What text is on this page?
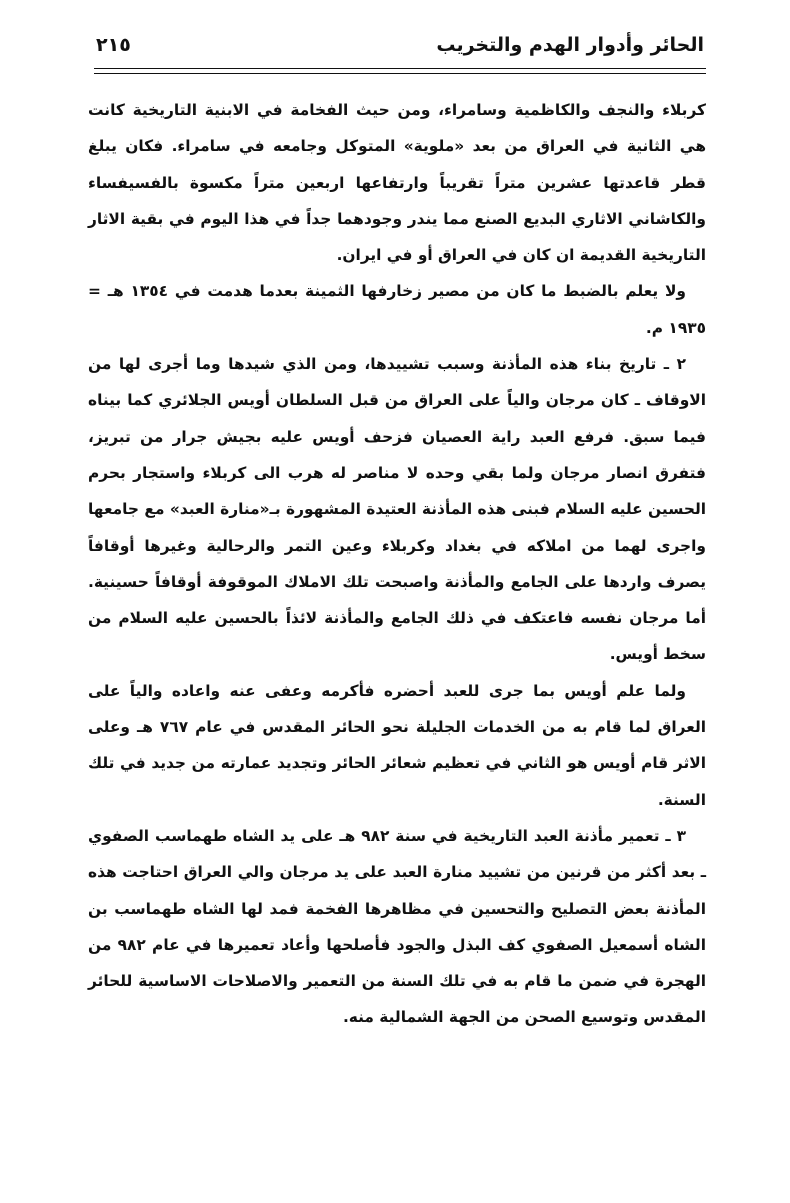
الحائر وأدوار الهدم والتخريب
٢١٥

كربلاء والنجف والكاظمية وسامراء، ومن حيث الفخامة في الابنية التاريخية كانت هي الثانية في العراق من بعد «ملوية» المتوكل وجامعه في سامراء. فكان يبلغ قطر قاعدتها عشرين متراً تقريباً وارتفاعها اربعين متراً مكسوة بالفسيفساء والكاشاني الاثاري البديع الصنع مما يندر وجودهما جداً في هذا اليوم في بقية الاثار التاريخية القديمة ان كان في العراق أو في ايران.

ولا يعلم بالضبط ما كان من مصير زخارفها الثمينة بعدما هدمت في ١٣٥٤ هـ = ١٩٣٥ م.

٢ ـ تاريخ بناء هذه المأذنة وسبب تشييدها، ومن الذي شيدها وما أجرى لها من الاوقاف ـ كان مرجان والياً على العراق من قبل السلطان أويس الجلائري كما بيناه فيما سبق. فرفع العبد راية العصيان فزحف أويس عليه بجيش جرار من تبريز، فتفرق انصار مرجان ولما بقي وحده لا مناصر له هرب الى كربلاء واستجار بحرم الحسين عليه السلام فبنى هذه المأذنة العتيدة المشهورة بـ«منارة العبد» مع جامعها واجرى لهما من املاكه في بغداد وكربلاء وعين التمر والرحالية وغيرها أوقافاً يصرف واردها على الجامع والمأذنة واصبحت تلك الاملاك الموقوفة أوقافاً حسينية. أما مرجان نفسه فاعتكف في ذلك الجامع والمأذنة لائذاً بالحسين عليه السلام من سخط أويس.

ولما علم أويس بما جرى للعبد أحضره فأكرمه وعفى عنه واعاده والياً على العراق لما قام به من الخدمات الجليلة نحو الحائر المقدس في عام ٧٦٧ هـ وعلى الاثر قام أويس هو الثاني في تعظيم شعائر الحائر وتجديد عمارته من جديد في تلك السنة.

٣ ـ تعمير مأذنة العبد التاريخية في سنة ٩٨٢ هـ على يد الشاه طهماسب الصفوي ـ بعد أكثر من قرنين من تشييد منارة العبد على يد مرجان والي العراق احتاجت هذه المأذنة بعض التصليح والتحسين في مظاهرها الفخمة فمد لها الشاه طهماسب بن الشاه أسمعيل الصفوي كف البذل والجود فأصلحها وأعاد تعميرها في عام ٩٨٢ من الهجرة في ضمن ما قام به في تلك السنة من التعمير والاصلاحات الاساسية للحائر المقدس وتوسيع الصحن من الجهة الشمالية منه.
